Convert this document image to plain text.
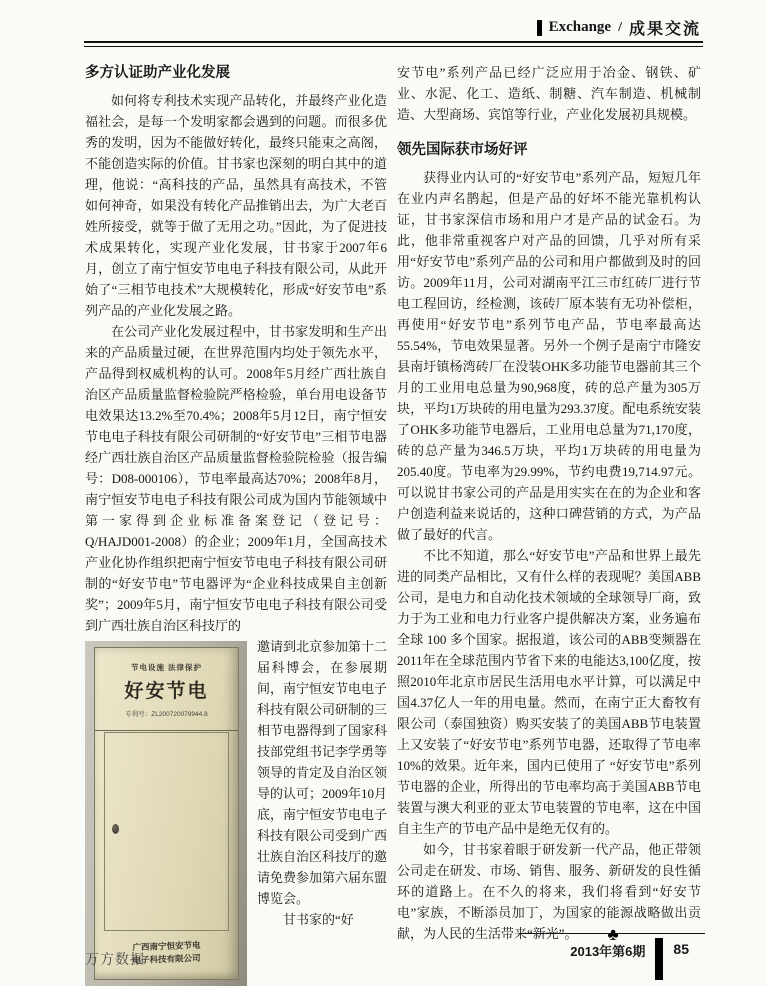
Exchange / 成果交流
多方认证助产业化发展

如何将专利技术实现产品转化，并最终产业化造福社会，是每一个发明家都会遇到的问题。而很多优秀的发明，因为不能做好转化，最终只能束之高阁，不能创造实际的价值。甘书家也深刻的明白其中的道理，他说：“高科技的产品，虽然具有高技术，不管如何神奇，如果没有转化产品推销出去，为广大老百姓所接受，就等于做了无用之功。”因此，为了促进技术成果转化，实现产业化发展，甘书家于2007年6月，创立了南宁恒安节电电子科技有限公司，从此开始了“三相节电技术”大规模转化，形成“好安节电”系列产品的产业化发展之路。

在公司产业化发展过程中，甘书家发明和生产出来的产品质量过硬，在世界范围内均处于领先水平，产品得到权威机构的认可。2008年5月经广西壮族自治区产品质量监督检验院严格检验，单台用电设备节电效果达13.2%至70.4%；2008年5月12日，南宁恒安节电电子科技有限公司研制的“好安节电”三相节电器经广西壮族自治区产品质量监督检验院检验（报告编号：D08-000106），节电率最高达70%；2008年8月，南宁恒安节电电子科技有限公司成为国内节能领域中第一家得到企业标准备案登记（登记号：Q/HAJD001-2008）的企业；2009年1月，全国高技术产业化协作组织把南宁恒安节电电子科技有限公司研制的“好安节电”节电器评为“企业科技成果自主创新奖”；2009年5月，南宁恒安节电电子科技有限公司受到广西壮族自治区科技厅的

节电设施 法律保护
好安节电
专利号：ZL200720079944.8
广西南宁恒安节电
电子科技有限公司

邀请到北京参加第十二届科博会，在参展期间，南宁恒安节电电子科技有限公司研制的三相节电器得到了国家科技部党组书记李学勇等领导的肯定及自治区领导的认可；2009年10月底，南宁恒安节电电子科技有限公司受到广西壮族自治区科技厅的邀请免费参加第六届东盟博览会。

甘书家的“好

安节电”系列产品已经广泛应用于冶金、钢铁、矿业、水泥、化工、造纸、制糖、汽车制造、机械制造、大型商场、宾馆等行业，产业化发展初具规模。

领先国际获市场好评

获得业内认可的“好安节电”系列产品，短短几年在业内声名鹊起，但是产品的好坏不能光靠机构认证，甘书家深信市场和用户才是产品的试金石。为此，他非常重视客户对产品的回馈，几乎对所有采用“好安节电”系列产品的公司和用户都做到及时的回访。2009年11月，公司对湖南平江三市红砖厂进行节电工程回访，经检测，该砖厂原本装有无功补偿柜，再使用“好安节电”系列节电产品，节电率最高达55.54%，节电效果显著。另外一个例子是南宁市隆安县南圩镇杨湾砖厂在没装OHK多功能节电器前其三个月的工业用电总量为90,968度，砖的总产量为305万块，平均1万块砖的用电量为293.37度。配电系统安装了OHK多功能节电器后，工业用电总量为71,170度，砖的总产量为346.5万块，平均1万块砖的用电量为205.40度。节电率为29.99%，节约电费19,714.97元。可以说甘书家公司的产品是用实实在在的为企业和客户创造利益来说话的，这种口碑营销的方式，为产品做了最好的代言。

不比不知道，那么“好安节电”产品和世界上最先进的同类产品相比，又有什么样的表现呢？美国ABB公司，是电力和自动化技术领域的全球领导厂商，致力于为工业和电力行业客户提供解决方案，业务遍布全球 100 多个国家。据报道，该公司的ABB变频器在2011年在全球范围内节省下来的电能达3,100亿度，按照2010年北京市居民生活用电水平计算，可以满足中国4.37亿人一年的用电量。然而，在南宁正大畜牧有限公司（泰国独资）购买安装了的美国ABB节电装置上又安装了“好安节电”系列节电器，还取得了节电率10%的效果。近年来，国内已使用了 “好安节电”系列节电器的企业，所得出的节电率均高于美国ABB节电装置与澳大利亚的亚太节电装置的节电率，这在中国自主生产的节电产品中是绝无仅有的。

如今，甘书家着眼于研发新一代产品，他正带领公司走在研发、市场、销售、服务、新研发的良性循环的道路上。在不久的将来，我们将看到“好安节电”家族，不断添员加丁，为国家的能源战略做出贡献，为人民的生活带来“新光”。 ♣

2013年第6期 85
万方数据
